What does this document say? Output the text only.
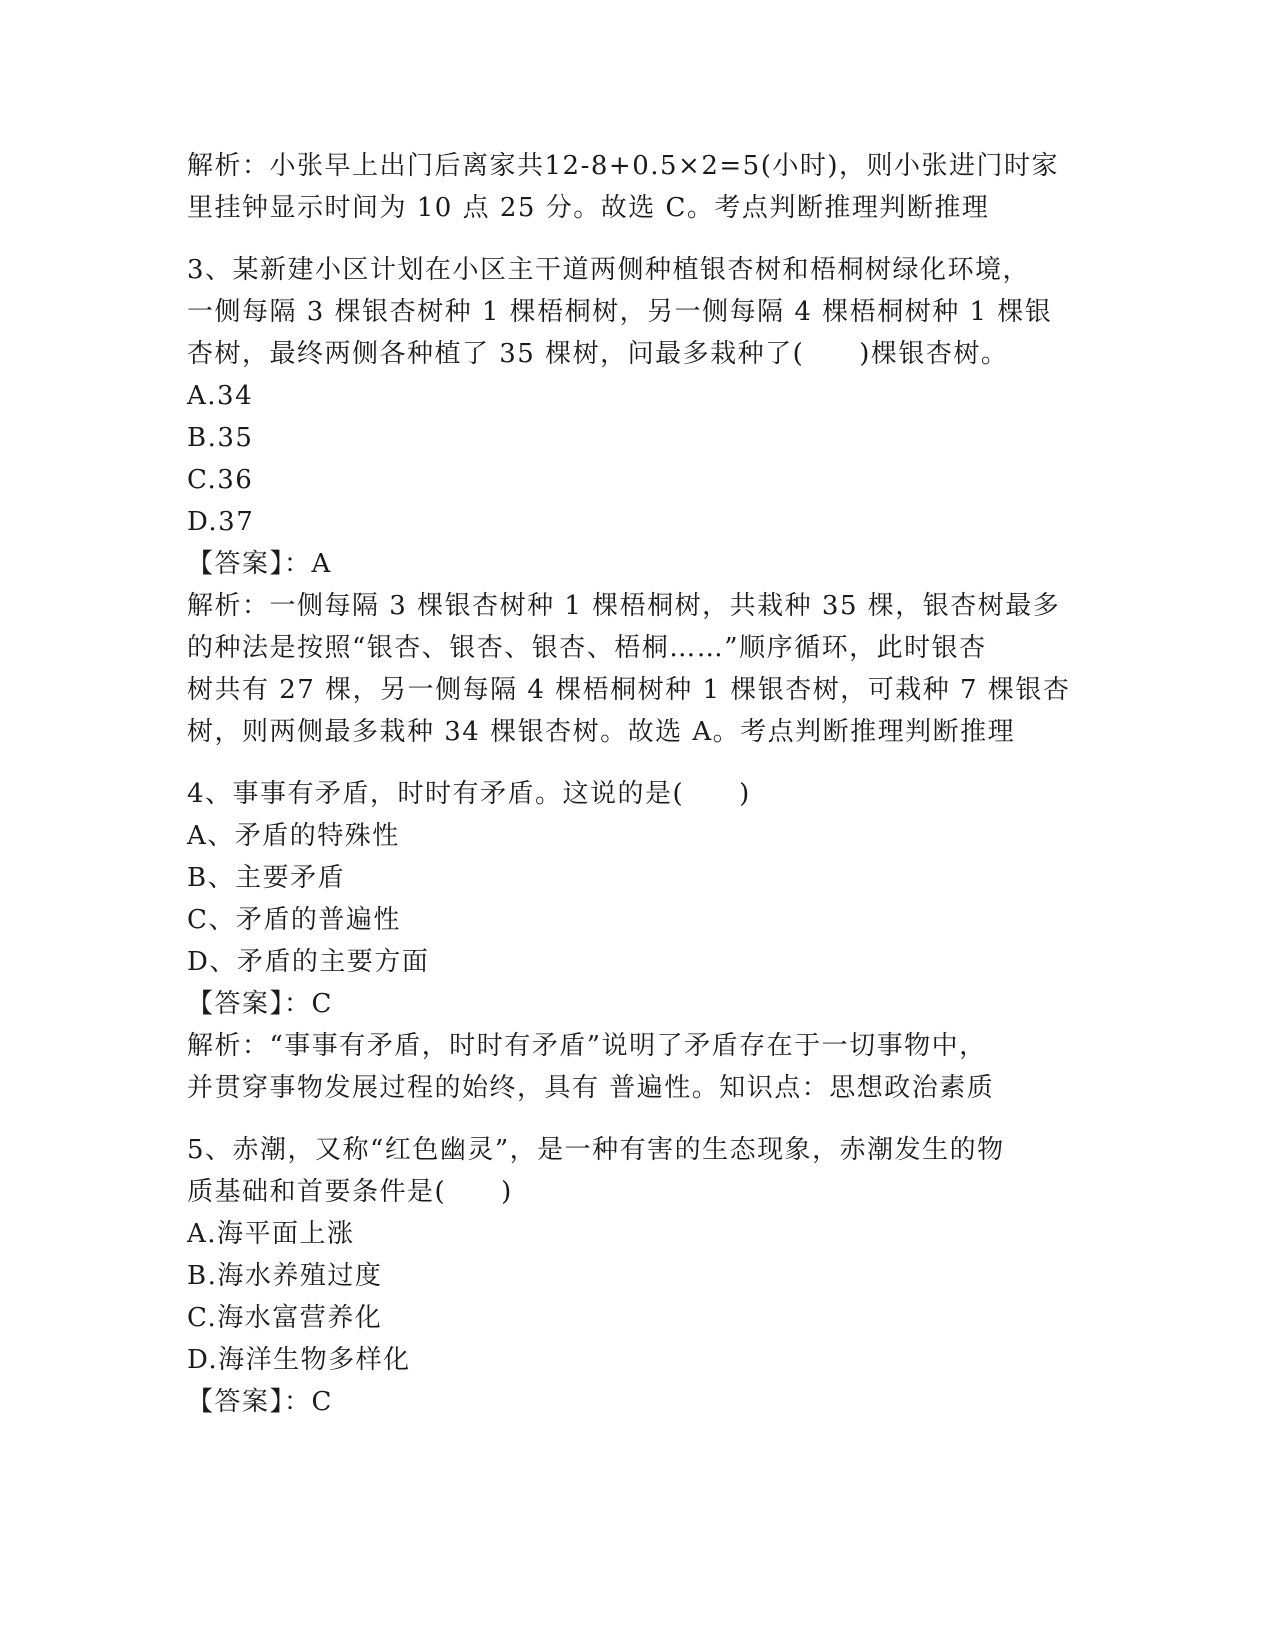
解析：小张早上出门后离家共12-8+0.5×2=5(小时)，则小张进门时家
里挂钟显示时间为 10 点 25 分。故选 C。考点判断推理判断推理
3、某新建小区计划在小区主干道两侧种植银杏树和梧桐树绿化环境，
一侧每隔 3 棵银杏树种 1 棵梧桐树，另一侧每隔 4 棵梧桐树种 1 棵银
杏树，最终两侧各种植了 35 棵树，问最多栽种了(　　)棵银杏树。
A.34
B.35
C.36
D.37
【答案】：A
解析：一侧每隔 3 棵银杏树种 1 棵梧桐树，共栽种 35 棵，银杏树最多
的种法是按照“银杏、银杏、银杏、梧桐……”顺序循环，此时银杏
树共有 27 棵，另一侧每隔 4 棵梧桐树种 1 棵银杏树，可栽种 7 棵银杏
树，则两侧最多栽种 34 棵银杏树。故选 A。考点判断推理判断推理
4、事事有矛盾，时时有矛盾。这说的是(　　)
A、矛盾的特殊性
B、主要矛盾
C、矛盾的普遍性
D、矛盾的主要方面
【答案】：C
解析：“事事有矛盾，时时有矛盾”说明了矛盾存在于一切事物中，
并贯穿事物发展过程的始终，具有 普遍性。知识点：思想政治素质
5、赤潮，又称“红色幽灵”，是一种有害的生态现象，赤潮发生的物
质基础和首要条件是(　　)
A.海平面上涨
B.海水养殖过度
C.海水富营养化
D.海洋生物多样化
【答案】：C
